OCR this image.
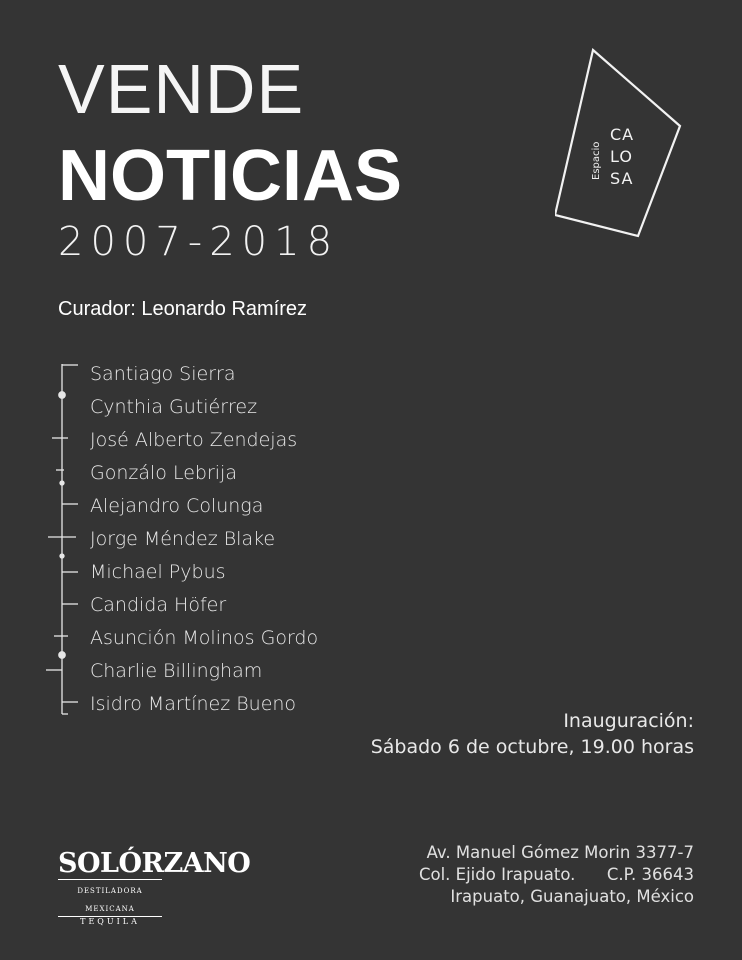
VENDE
NOTICIAS
2007-2018
Curador: Leonardo Ramírez
Santiago Sierra
Cynthia Gutiérrez
José Alberto Zendejas
Gonzálo Lebrija
Alejandro Colunga
Jorge Méndez Blake
Michael Pybus
Candida Höfer
Asunción Molinos Gordo
Charlie Billingham
Isidro Martínez Bueno
Espacio
CA
LO
SA
Inauguración:
Sábado 6 de octubre, 19.00 horas
Av. Manuel Gómez Morin 3377-7
Col. Ejido Irapuato.      C.P. 36643
Irapuato, Guanajuato, México
SOLÓRZANO
DESTILADORA MEXICANA
TEQUILA
